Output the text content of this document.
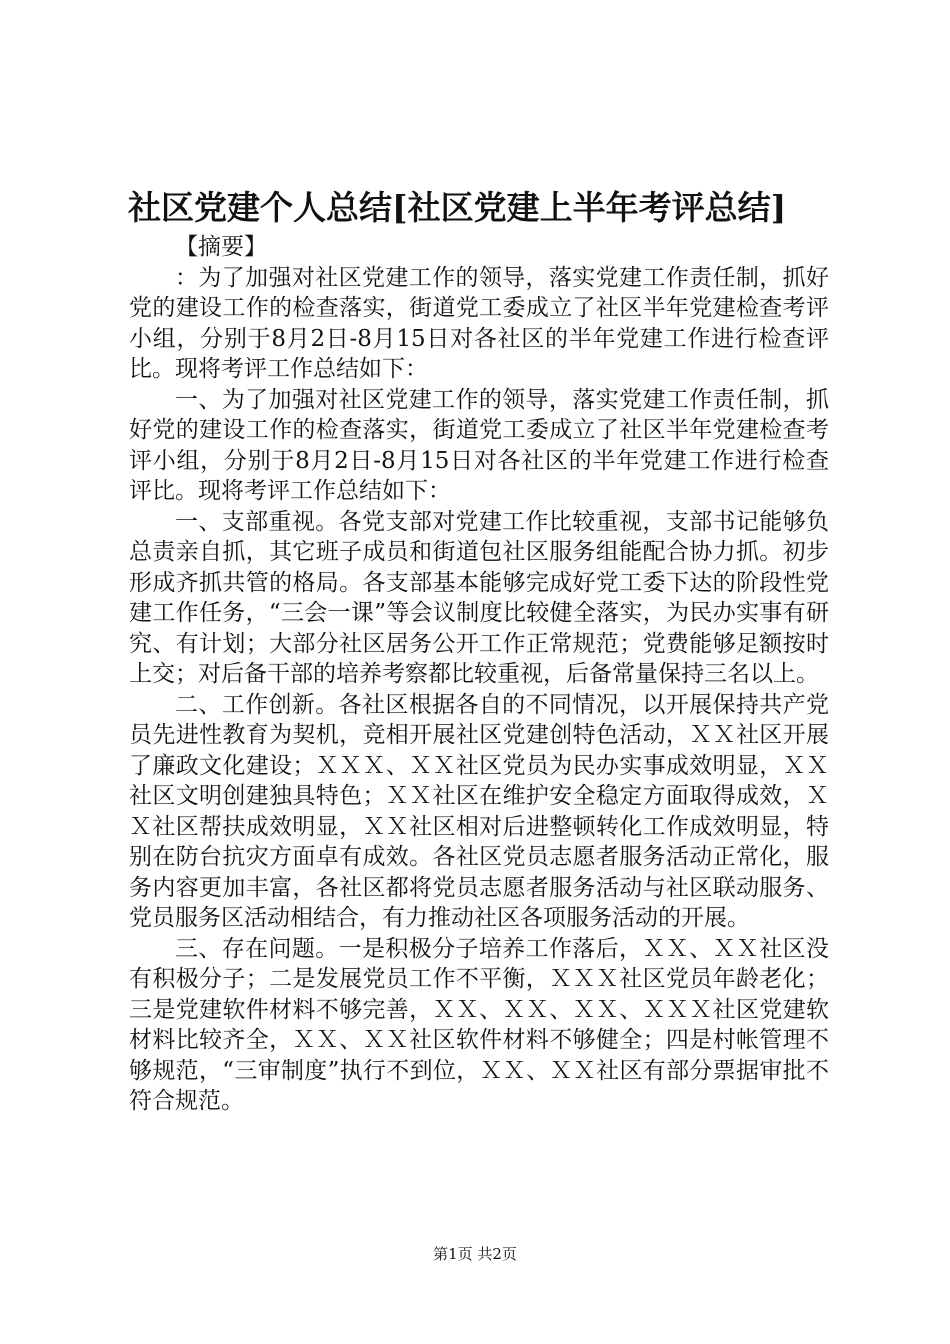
社区党建个人总结[社区党建上半年考评总结]

【摘要】

：为了加强对社区党建工作的领导，落实党建工作责任制，抓好党的建设工作的检查落实，街道党工委成立了社区半年党建检查考评小组，分别于8月2日-8月15日对各社区的半年党建工作进行检查评比。现将考评工作总结如下：

一、为了加强对社区党建工作的领导，落实党建工作责任制，抓好党的建设工作的检查落实，街道党工委成立了社区半年党建检查考评小组，分别于8月2日-8月15日对各社区的半年党建工作进行检查评比。现将考评工作总结如下：

一、支部重视。各党支部对党建工作比较重视，支部书记能够负总责亲自抓，其它班子成员和街道包社区服务组能配合协力抓。初步形成齐抓共管的格局。各支部基本能够完成好党工委下达的阶段性党建工作任务，“三会一课”等会议制度比较健全落实，为民办实事有研究、有计划；大部分社区居务公开工作正常规范；党费能够足额按时上交；对后备干部的培养考察都比较重视，后备常量保持三名以上。

二、工作创新。各社区根据各自的不同情况，以开展保持共产党员先进性教育为契机，竞相开展社区党建创特色活动，ＸＸ社区开展了廉政文化建设；ＸＸＸ、ＸＸ社区党员为民办实事成效明显，ＸＸ社区文明创建独具特色；ＸＸ社区在维护安全稳定方面取得成效，ＸＸ社区帮扶成效明显，ＸＸ社区相对后进整顿转化工作成效明显，特别在防台抗灾方面卓有成效。各社区党员志愿者服务活动正常化，服务内容更加丰富，各社区都将党员志愿者服务活动与社区联动服务、党员服务区活动相结合，有力推动社区各项服务活动的开展。

三、存在问题。一是积极分子培养工作落后，ＸＸ、ＸＸ社区没有积极分子；二是发展党员工作不平衡，ＸＸＸ社区党员年龄老化；三是党建软件材料不够完善，ＸＸ、ＸＸ、ＸＸ、ＸＸＸ社区党建软材料比较齐全，ＸＸ、ＸＸ社区软件材料不够健全；四是村帐管理不够规范，“三审制度”执行不到位，ＸＸ、ＸＸ社区有部分票据审批不符合规范。

第1页 共2页
